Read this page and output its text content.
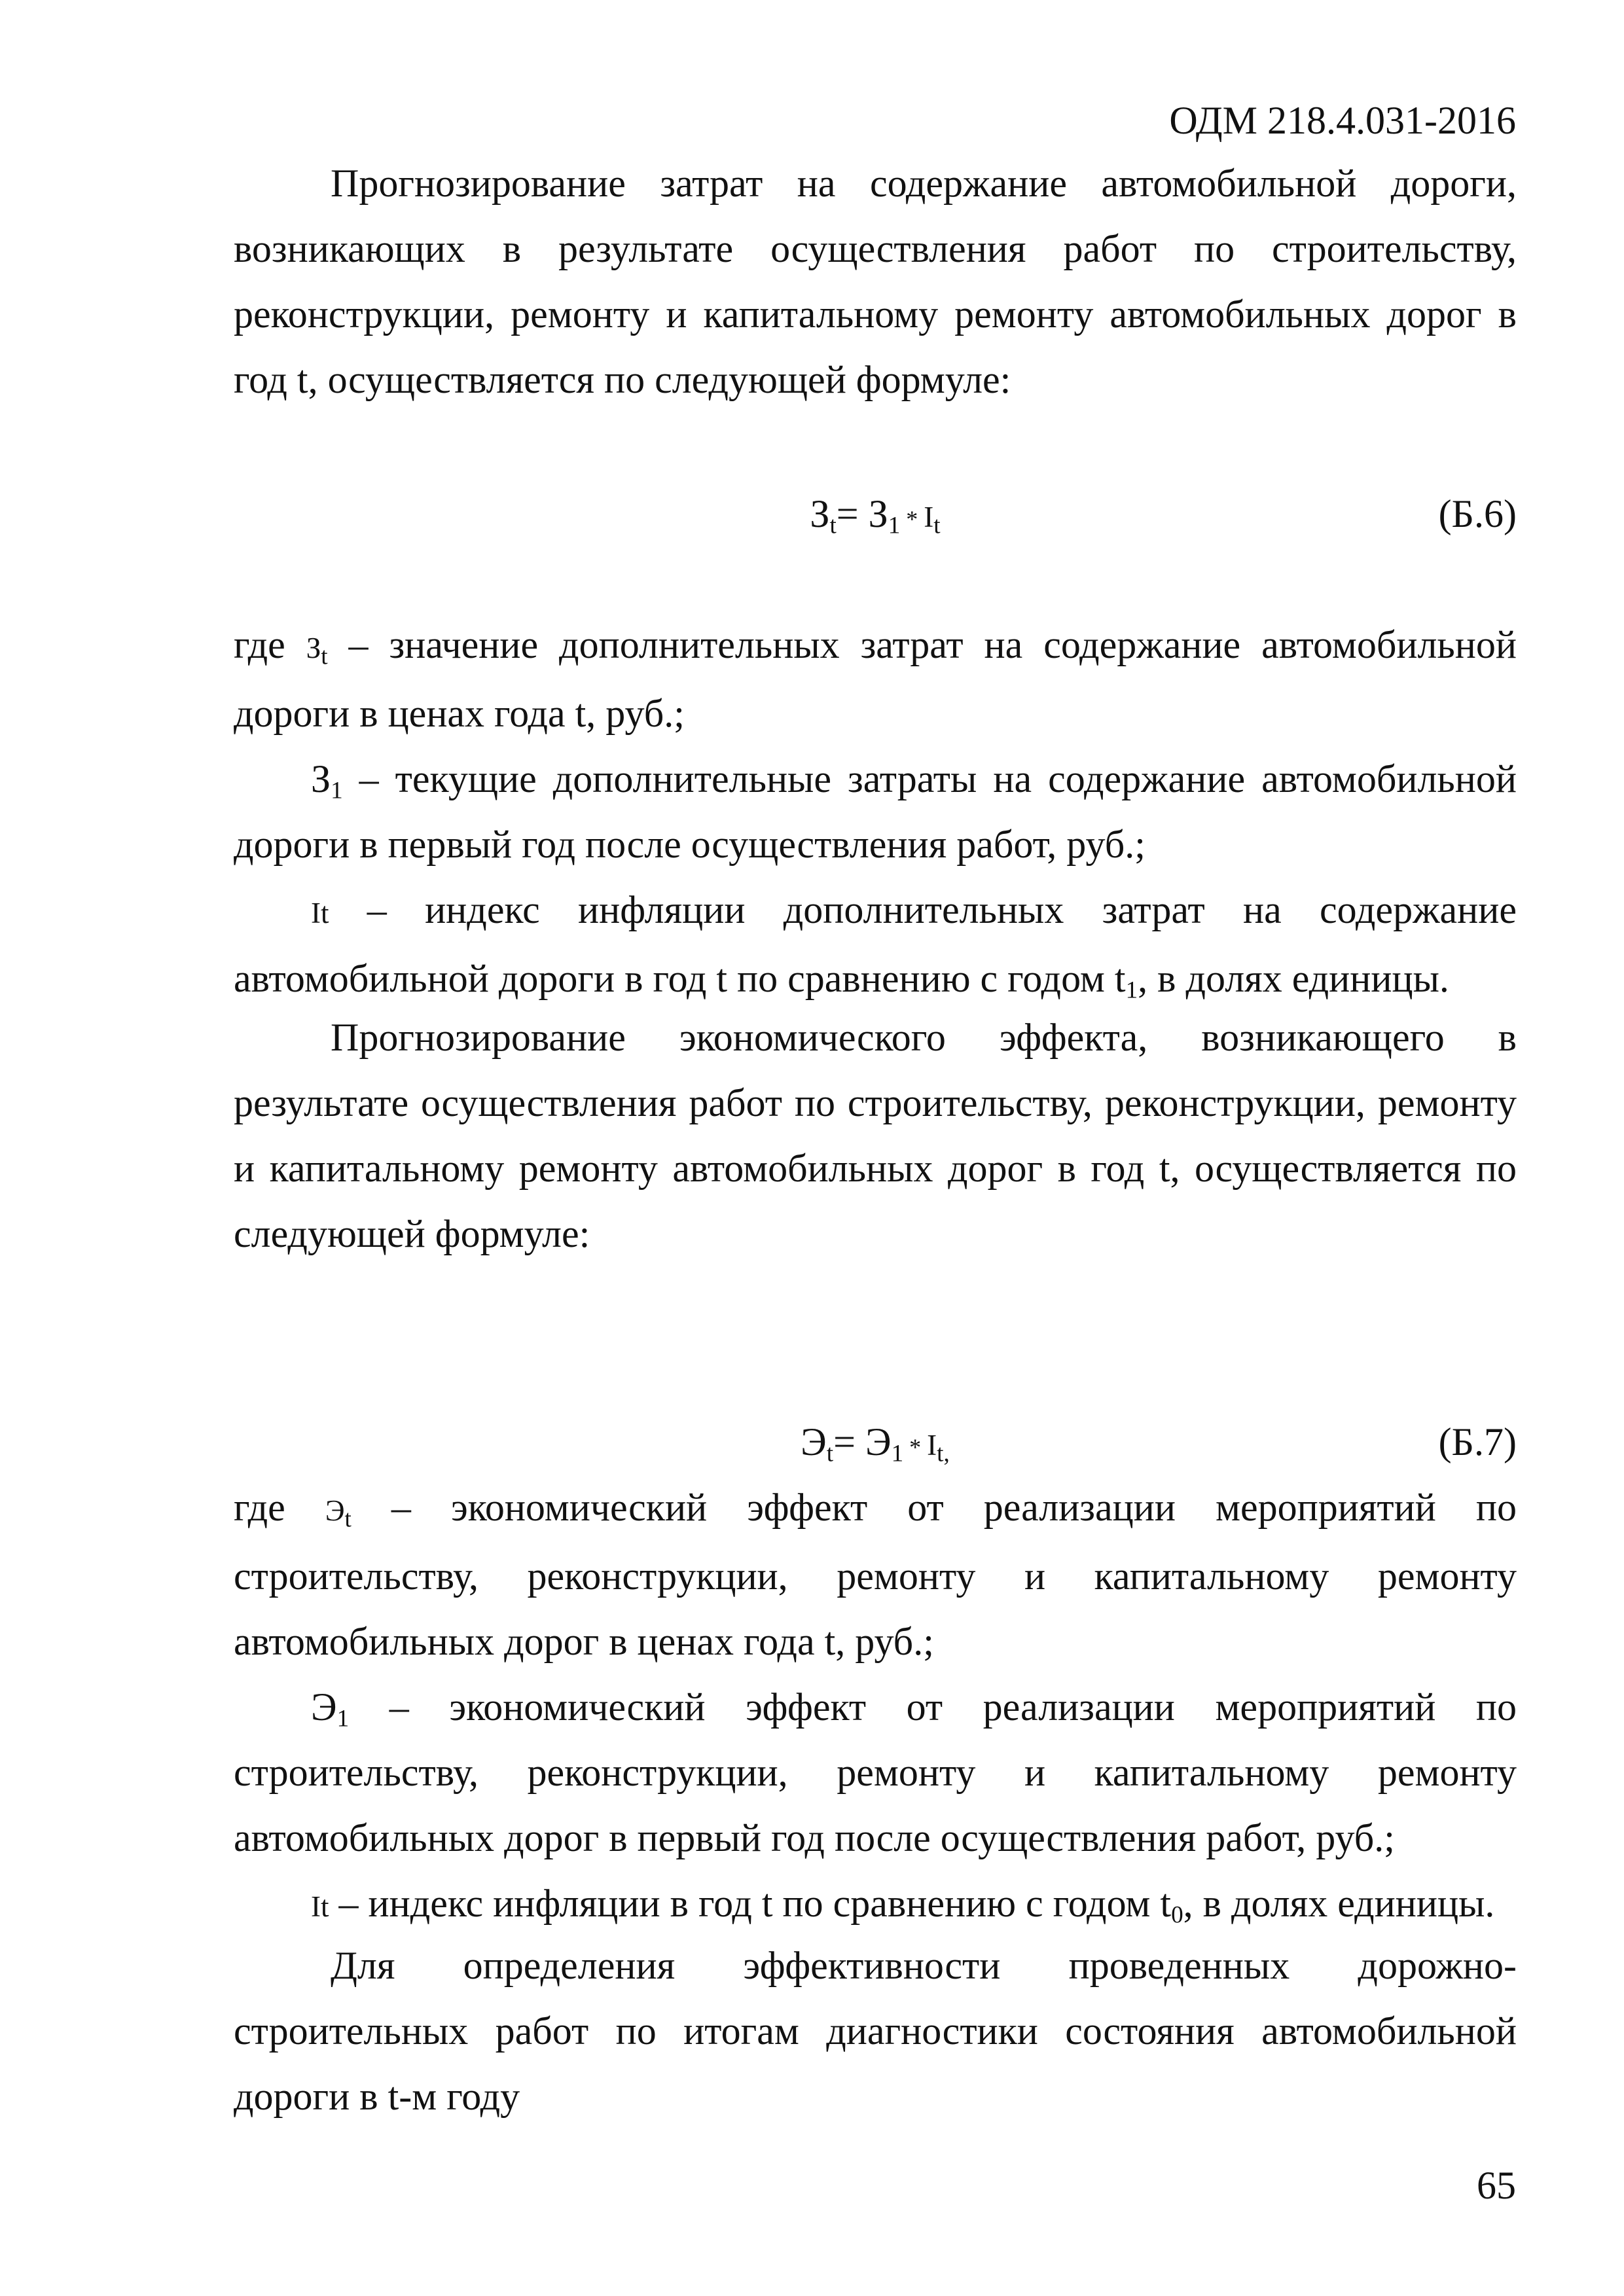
ОДМ 218.4.031-2016

Прогнозирование затрат на содержание автомобильной дороги, возникающих в результате осуществления работ по строительству, реконструкции, ремонту и капитальному ремонту автомобильных дорог в год t, осуществляется по следующей формуле:

$З_t= З_1 * I_t$	(Б.6)

где $З_t$ – значение дополнительных затрат на содержание автомобильной дороги в ценах года t, руб.;

$З_1$ – текущие дополнительные затраты на содержание автомобильной дороги в первый год после осуществления работ, руб.;

It – индекс инфляции дополнительных затрат на содержание автомобильной дороги в год t по сравнению с годом $t_1$, в долях единицы.

Прогнозирование экономического эффекта, возникающего в результате осуществления работ по строительству, реконструкции, ремонту и капитальному ремонту автомобильных дорог в год t, осуществляется по следующей формуле:

$Э_t= Э_1 * I_{t,}$	(Б.7)

где $Э_t$ – экономический эффект от реализации мероприятий по строительству, реконструкции, ремонту и капитальному ремонту автомобильных дорог в ценах года t, руб.;

$Э_1$ – экономический эффект от реализации мероприятий по строительству, реконструкции, ремонту и капитальному ремонту автомобильных дорог в первый год после осуществления работ, руб.;

It – индекс инфляции в год t по сравнению с годом $t_0$, в долях единицы.

Для определения эффективности проведенных дорожно-строительных работ по итогам диагностики состояния автомобильной дороги в t-м году

65
